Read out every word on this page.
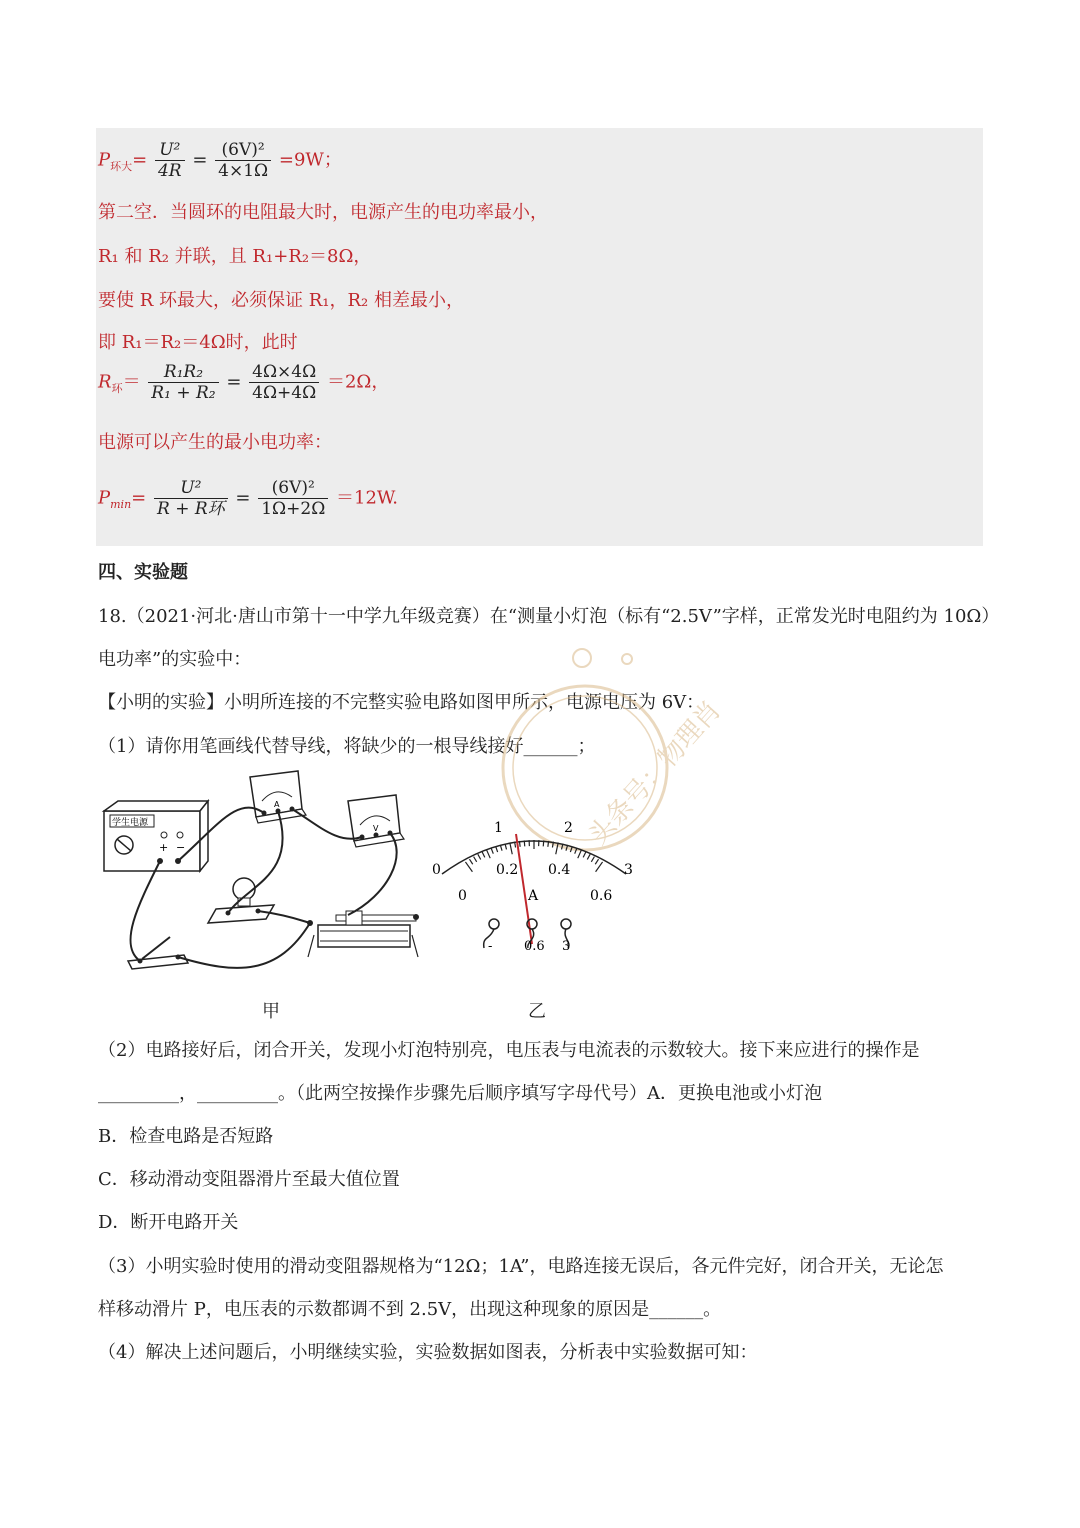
$P_{环大}= \frac{\text{U²}}{4R} = \frac{\text{(6V)²}}{4\times 1\Omega} =9W$；
第二空．当圆环的电阻最大时，电源产生的电功率最小，
R₁ 和 R₂ 并联，且 R₁+R₂＝8Ω，
要使 R 环最大，必须保证 R₁，R₂ 相差最小，
即 R₁＝R₂＝4Ω时，此时
$R_环= \frac{\text{R₁R₂}}{\text{R₁ + R₂}} = \frac{4\Omega\times 4\Omega}{4\Omega+4\Omega} =2\Omega$，
电源可以产生的最小电功率：
$P_{min}= \frac{\text{U²}}{\text{R + R环}} = \frac{\text{(6V)²}}{1\Omega+2\Omega} =12W$.
四、实验题
18.（2021·河北·唐山市第十一中学九年级竞赛）在“测量小灯泡（标有“2.5V”字样，正常发光时电阻约为 10Ω）
电功率”的实验中：
【小明的实验】小明所连接的不完整实验电路如图甲所示，电源电压为 6V：
（1）请你用笔画线代替导线，将缺少的一根导线接好______；
头条号：物理肖
学生电源
+ −
A
V	1	2
3
0
0
0.2 0.4
0.6
A
- 0.6 3
甲	乙
（2）电路接好后，闭合开关，发现小灯泡特别亮，电压表与电流表的示数较大。接下来应进行的操作是
_________，_________。（此两空按操作步骤先后顺序填写字母代号）A．更换电池或小灯泡
B．检查电路是否短路
C．移动滑动变阻器滑片至最大值位置
D．断开电路开关
（3）小明实验时使用的滑动变阻器规格为“12Ω；1A”，电路连接无误后，各元件完好，闭合开关，无论怎
样移动滑片 P，电压表的示数都调不到 2.5V，出现这种现象的原因是______。
（4）解决上述问题后，小明继续实验，实验数据如图表，分析表中实验数据可知：
